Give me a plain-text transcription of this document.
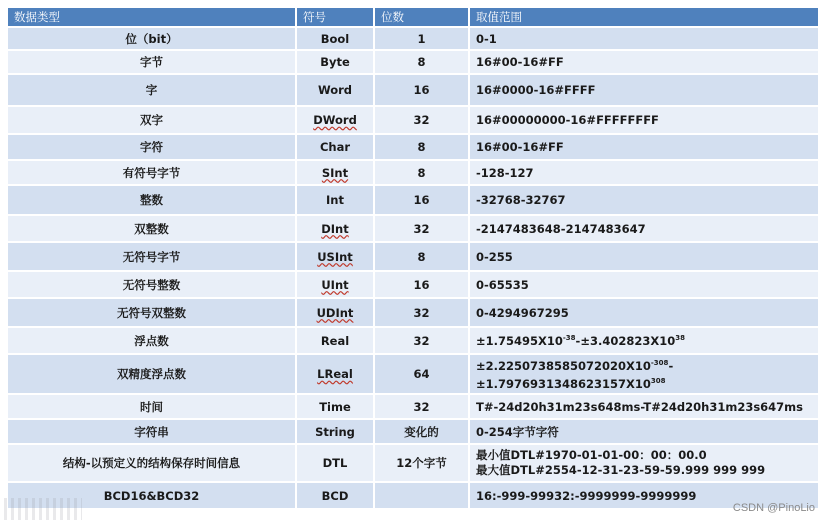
数据类型	符号	位数	取值范围
位（bit）	Bool	1	0-1
字节	Byte	8	16#00-16#FF
字	Word	16	16#0000-16#FFFF
双字	DWord	32	16#00000000-16#FFFFFFFF
字符	Char	8	16#00-16#FF
有符号字节	SInt	8	-128-127
整数	Int	16	-32768-32767
双整数	DInt	32	-2147483648-2147483647
无符号字节	USInt	8	0-255
无符号整数	UInt	16	0-65535
无符号双整数	UDInt	32	0-4294967295
浮点数	Real	32	$\pm 1.75495X10^{-38}-\pm 3.402823X10^{38}$
双精度浮点数	LReal	64	$\pm 2.2250738585072020X10^{-308}-$
$\pm 1.7976931348623157X10^{308}$

时间	Time	32	T#-24d20h31m23s648ms-T#24d20h31m23s647ms
字符串	String	变化的	0-254字节字符
结构-以预定义的结构保存时间信息	DTL	12个字节	最小值DTL#1970-01-01-00：00：00.0
最大值DTL#2554-12-31-23-59-59.999 999 999

BCD16&BCD32	BCD		16:-999-99932:-9999999-9999999
CSDN @PinoLio
